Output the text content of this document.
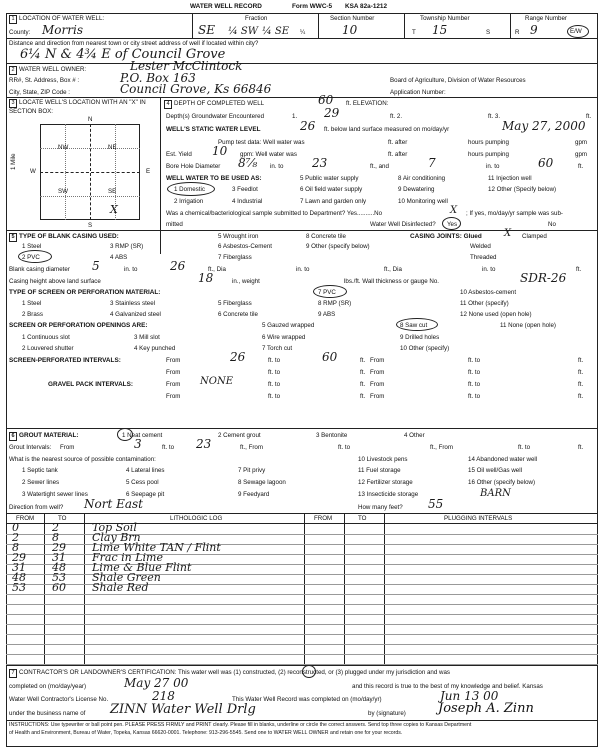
WATER WELL RECORD	Form WWC-5 KSA 82a-1212
1 LOCATION OF WATER WELL:
County: Morris
Fraction
SE ¼ SW ¼ SE ¼
Section Number
10
Township Number
T 15	S
Range Number
R 9	E/W
Distance and direction from nearest town or city street address of well if located within city?
6¼ N & 4¾ E of Council Grove
2 WATER WELL OWNER:	Lester McClintock
RR#, St. Address, Box # :	P.O. Box 163
City, State, ZIP Code :	Council Grove, Ks 66846
Board of Agriculture, Division of Water Resources
Application Number:
3 LOCATE WELL'S LOCATION WITH AN "X" IN SECTION BOX:
N
NW	NE
SW	SE
W	E
S
1 Mile
X
4 DEPTH OF COMPLETED WELL	60 ft. ELEVATION:
Depth(s) Groundwater Encountered	1. 29	ft. 2.	ft. 3.	ft.
WELL'S STATIC WATER LEVEL	26 ft. below land surface measured on mo/day/yr	May 27, 2000
Pump test data: Well water was	ft. after	hours pumping	gpm
Est. Yield 10 gpm: Well water was	ft. after	hours pumping	gpm
Bore Hole Diameter 8⅞ in. to 23	ft., and	7	in. to	60	ft.
WELL WATER TO BE USED AS:
1 Domestic
2 Irrigation
3 Feedlot
4 Industrial
5 Public water supply
6 Oil field water supply
7 Lawn and garden only
8 Air conditioning
9 Dewatering
10 Monitoring well
11 Injection well
12 Other (Specify below)
Was a chemical/bacteriological sample submitted to Department? Yes..........No	X ; If yes, mo/day/yr sample was sub-
mitted	Water Well Disinfected? Yes	No
5 TYPE OF BLANK CASING USED:
1 Steel
2 PVC
3 RMP (SR)
4 ABS
5 Wrought iron
6 Asbestos-Cement
7 Fiberglass
8 Concrete tile
9 Other (specify below)
CASING JOINTS: Glued X Clamped
Welded
Threaded
Blank casing diameter 5	in. to	26	ft., Dia	in. to	ft., Dia	in. to	ft.
Casing height above land surface	18	in., weight	lbs./ft. Wall thickness or gauge No.	SDR-26
TYPE OF SCREEN OR PERFORATION MATERIAL:
1 Steel
2 Brass
3 Stainless steel
4 Galvanized steel
5 Fiberglass
6 Concrete tile
7 PVC
8 RMP (SR)
9 ABS
10 Asbestos-cement
11 Other (specify)
12 None used (open hole)
SCREEN OR PERFORATION OPENINGS ARE:
1 Continuous slot
2 Louvered shutter
3 Mill slot
4 Key punched
5 Gauzed wrapped
6 Wire wrapped
7 Torch cut
8 Saw cut
9 Drilled holes
10 Other (specify)
11 None (open hole)
SCREEN-PERFORATED INTERVALS:	From	26	ft. to	60	ft. From	ft. to	ft.
From	ft. to	ft. From	ft. to	ft.
GRAVEL PACK INTERVALS:	From NONE	ft. to	ft. From	ft. to	ft.
From	ft. to	ft. From	ft. to	ft.
6 GROUT MATERIAL:	1 Neat cement	2 Cement grout	3 Bentonite	4 Other
Grout Intervals: From	3	ft. to 23	ft., From	ft. to	ft., From	ft. to	ft.
What is the nearest source of possible contamination:
1 Septic tank
2 Sewer lines
3 Watertight sewer lines
4 Lateral lines
5 Cess pool
6 Seepage pit
7 Pit privy
8 Sewage lagoon
9 Feedyard
10 Livestock pens
11 Fuel storage
12 Fertilizer storage
13 Insecticide storage
14 Abandoned water well
15 Oil well/Gas well
16 Other (specify below)
BARN
Direction from well? Nort East	How many feet? 55
FROM	TO	LITHOLOGIC LOG	FROM	TO	PLUGGING INTERVALS
0	2	Top Soil
2	8	Clay Brn
8	29 Lime White TAN / Flint
29 31 Frac in Lime
31 48 Lime & Blue Flint
48 53 Shale Green
53 60 Shale Red
7 CONTRACTOR'S OR LANDOWNER'S CERTIFICATION: This water well was (1) constructed, (2) reconstructed, or (3) plugged under my jurisdiction and was
completed on (mo/day/year)	May 27 00	and this record is true to the best of my knowledge and belief. Kansas
Water Well Contractor's License No.	218	This Water Well Record was completed on (mo/day/yr)	Jun 13 00
under the business name of ZINN Water Well Drlg	by (signature) Joseph A. Zinn
INSTRUCTIONS: Use typewriter or ball point pen. PLEASE PRESS FIRMLY and PRINT clearly. Please fill in blanks, underline or circle the correct answers. Send top three copies to Kansas Department
of Health and Environment, Bureau of Water, Topeka, Kansas 66620-0001. Telephone: 913-296-5545. Send one to WATER WELL OWNER and retain one for your records.
